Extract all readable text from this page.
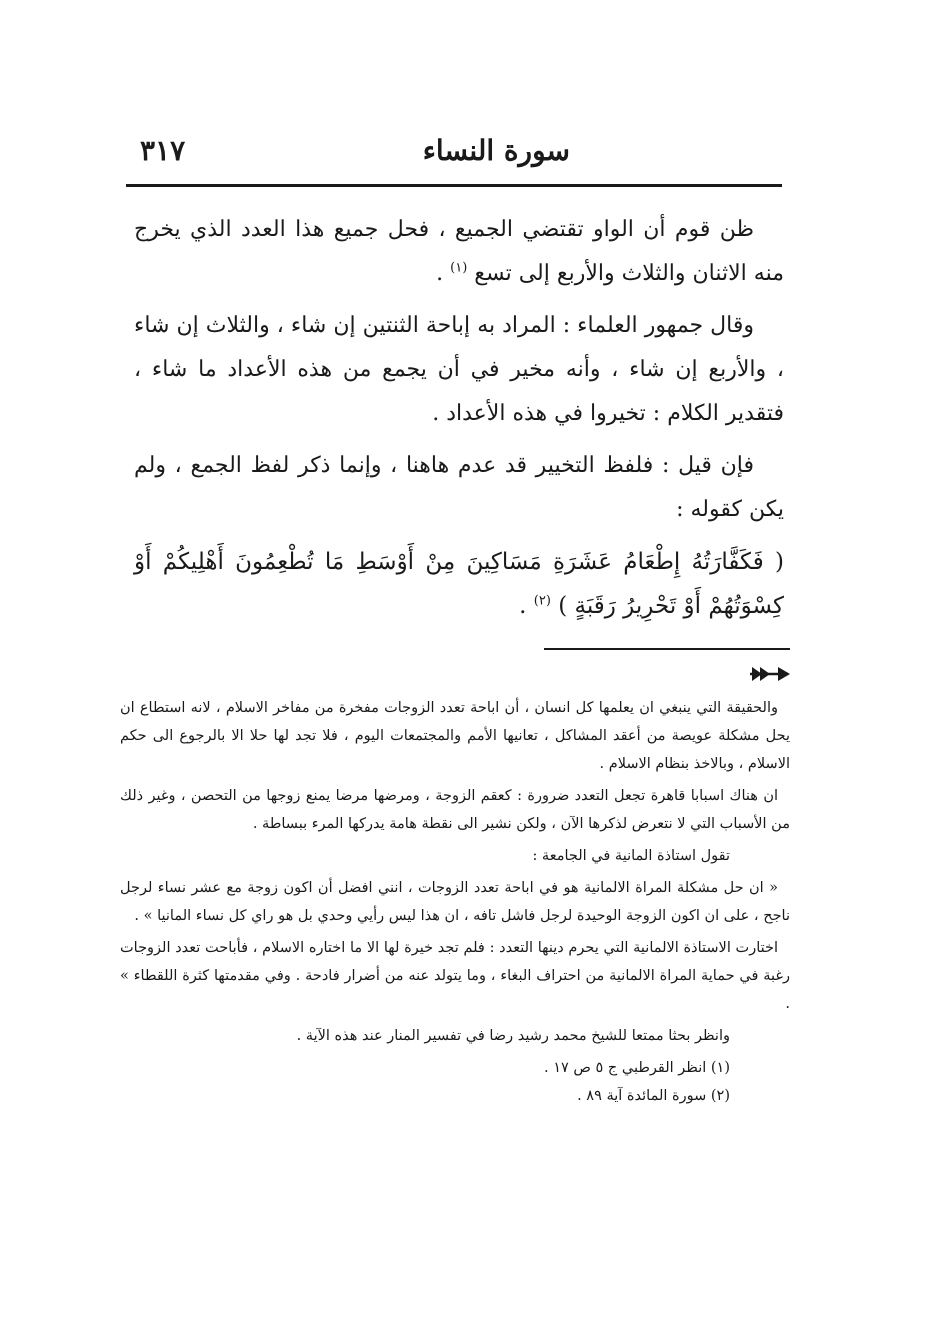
سورة النساء
٣١٧

ظن قوم أن الواو تقتضي الجميع ، فحل جميع هذا العدد الذي يخرج منه الاثنان والثلاث والأربع إلى تسع $^{(١)}$ .

وقال جمهور العلماء : المراد به إباحة الثنتين إن شاء ، والثلاث إن شاء ، والأربع إن شاء ، وأنه مخير في أن يجمع من هذه الأعداد ما شاء ، فتقدير الكلام : تخيروا في هذه الأعداد .

فإن قيل : فلفظ التخيير قد عدم هاهنا ، وإنما ذكر لفظ الجمع ، ولم يكن كقوله :

( فَكَفَّارَتُهُ إِطْعَامُ عَشَرَةِ مَسَاكِينَ مِنْ أَوْسَطِ مَا تُطْعِمُونَ أَهْلِيكُمْ أَوْ كِسْوَتُهُمْ أَوْ تَحْرِيرُ رَقَبَةٍ ) $^{(٢)}$ .

والحقيقة التي ينبغي ان يعلمها كل انسان ، أن اباحة تعدد الزوجات مفخرة من مفاخر الاسلام ، لانه استطاع ان يحل مشكلة عويصة من أعقد المشاكل ، تعانيها الأمم والمجتمعات اليوم ، فلا تجد لها حلا الا بالرجوع الى حكم الاسلام ، وبالاخذ بنظام الاسلام .

ان هناك اسبابا قاهرة تجعل التعدد ضرورة : كعقم الزوجة ، ومرضها مرضا يمنع زوجها من التحصن ، وغير ذلك من الأسباب التي لا نتعرض لذكرها الآن ، ولكن نشير الى نقطة هامة يدركها المرء ببساطة .

تقول استاذة المانية في الجامعة :

« ان حل مشكلة المراة الالمانية هو في اباحة تعدد الزوجات ، انني افضل أن اكون زوجة مع عشر نساء لرجل ناجح ، على ان اكون الزوجة الوحيدة لرجل فاشل تافه ، ان هذا ليس رأيي وحدي بل هو راي كل نساء المانيا » .

اختارت الاستاذة الالمانية التي يحرم دينها التعدد : فلم تجد خيرة لها الا ما اختاره الاسلام ، فأباحت تعدد الزوجات رغبة في حماية المراة الالمانية من احتراف البغاء ، وما يتولد عنه من أضرار فادحة . وفي مقدمتها كثرة اللقطاء » .

وانظر بحثا ممتعا للشيخ محمد رشيد رضا في تفسير المنار عند هذه الآية .

(١) انظر القرطبي ج ٥ ص ١٧ .
(٢) سورة المائدة آية ٨٩ .
